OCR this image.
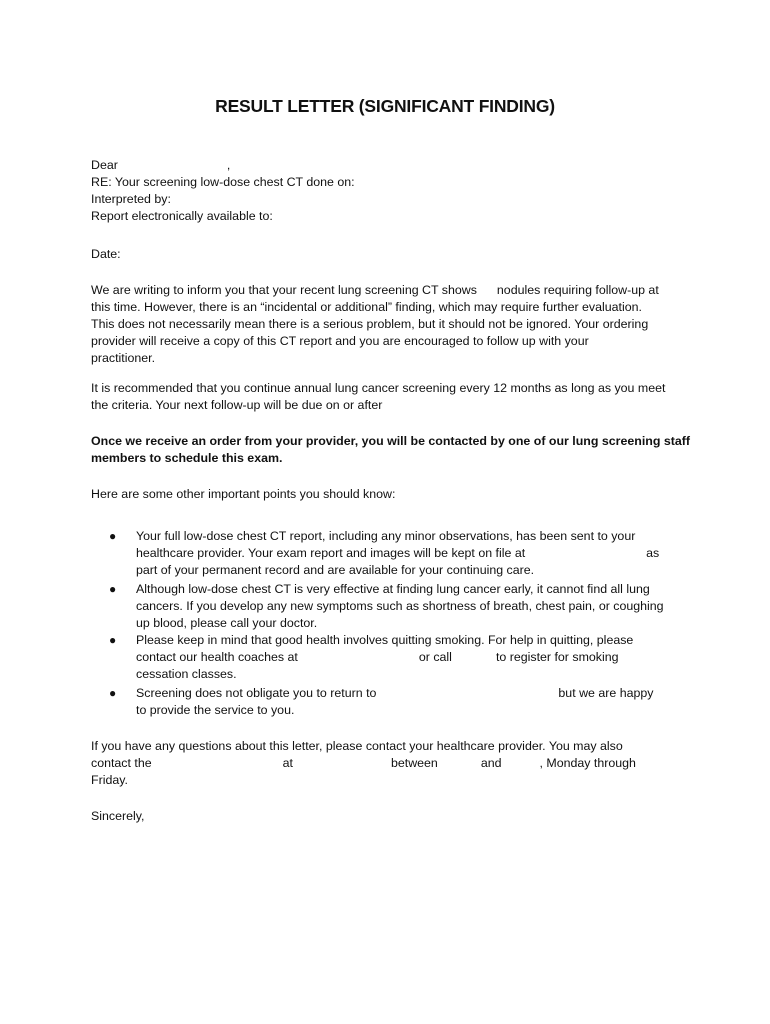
RESULT LETTER (SIGNIFICANT FINDING)
Dear	,
RE: Your screening low-dose chest CT done on:
Interpreted by:
Report electronically available to:
Date:
We are writing to inform you that your recent lung screening CT shows nodules requiring follow-up at
this time. However, there is an “incidental or additional” finding, which may require further evaluation.
This does not necessarily mean there is a serious problem, but it should not be ignored. Your ordering
provider will receive a copy of this CT report and you are encouraged to follow up with your
practitioner.
It is recommended that you continue annual lung cancer screening every 12 months as long as you meet
the criteria. Your next follow-up will be due on or after
Once we receive an order from your provider, you will be contacted by one of our lung screening staff
members to schedule this exam.
Here are some other important points you should know:
● Your full low-dose chest CT report, including any minor observations, has been sent to your
healthcare provider. Your exam report and images will be kept on file at	as
part of your permanent record and are available for your continuing care.
● Although low-dose chest CT is very effective at finding lung cancer early, it cannot find all lung
cancers. If you develop any new symptoms such as shortness of breath, chest pain, or coughing
up blood, please call your doctor.
● Please keep in mind that good health involves quitting smoking. For help in quitting, please
contact our health coaches at	or call	to register for smoking
cessation classes.
● Screening does not obligate you to return to	but we are happy
to provide the service to you.
If you have any questions about this letter, please contact your healthcare provider. You may also
contact the	at	between	and	, Monday through
Friday.
Sincerely,
